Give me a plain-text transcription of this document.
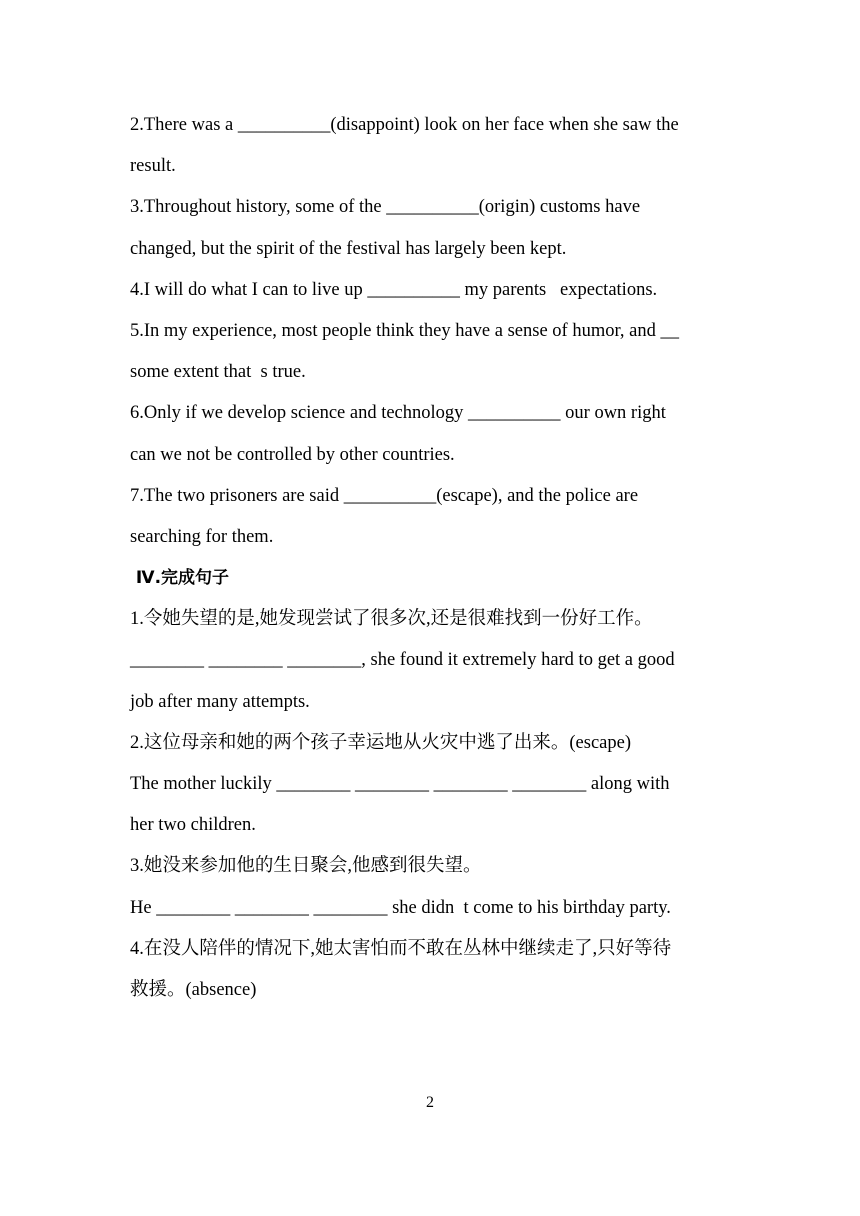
2.There was a __________(disappoint) look on her face when she saw the
result.
3.Throughout history, some of the __________(origin) customs have
changed, but the spirit of the festival has largely been kept.
4.I will do what I can to live up __________ my parents   expectations.
5.In my experience, most people think they have a sense of humor, and __
some extent that  s true.
6.Only if we develop science and technology __________ our own right
can we not be controlled by other countries.
7.The two prisoners are said __________(escape), and the police are
searching for them.
Ⅳ.完成句子
1.令她失望的是,她发现尝试了很多次,还是很难找到一份好工作。
________ ________ ________, she found it extremely hard to get a good
job after many attempts.
2.这位母亲和她的两个孩子幸运地从火灾中逃了出来。(escape)
The mother luckily ________ ________ ________ ________ along with
her two children.
3.她没来参加他的生日聚会,他感到很失望。
He ________ ________ ________ she didn  t come to his birthday party.
4.在没人陪伴的情况下,她太害怕而不敢在丛林中继续走了,只好等待
救援。(absence)
2
